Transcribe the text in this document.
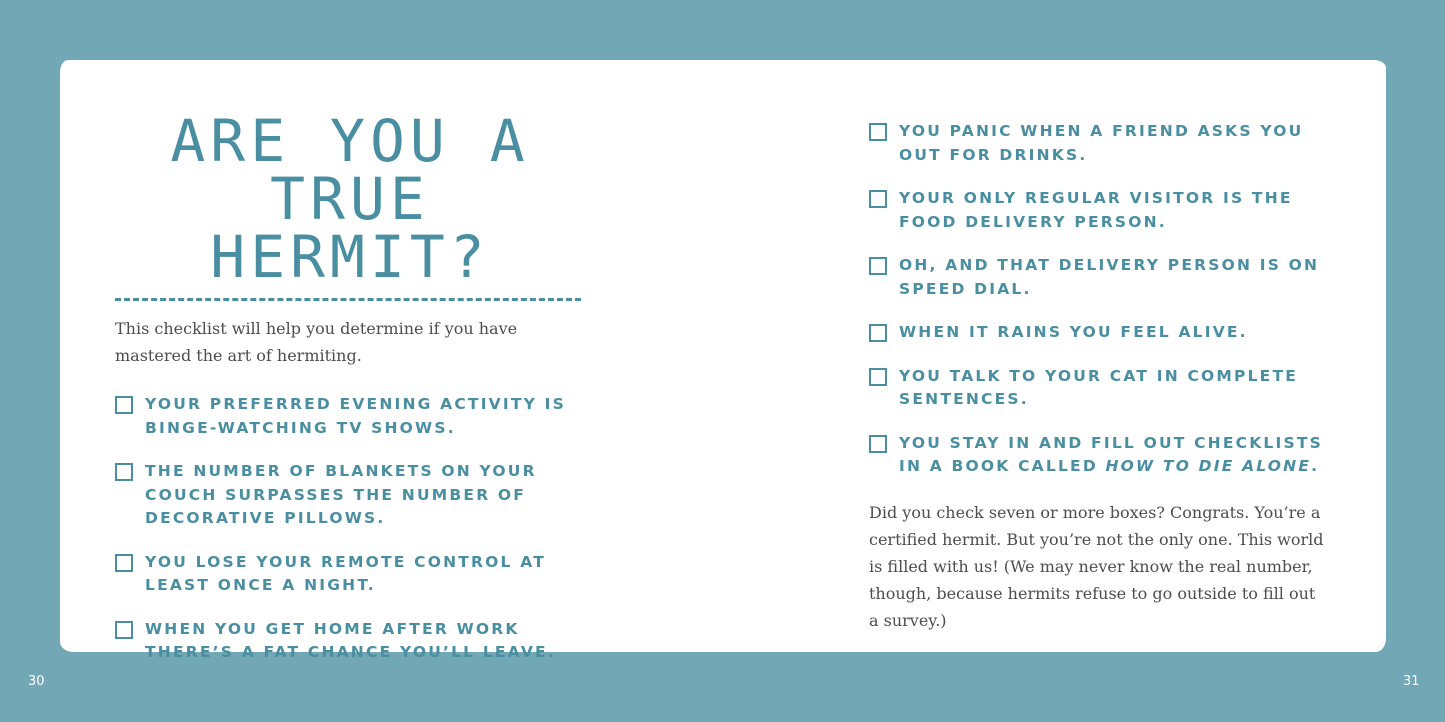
ARE YOU A
TRUE HERMIT?

This checklist will help you determine if you have mastered the art of hermiting.

YOUR PREFERRED EVENING ACTIVITY IS BINGE-WATCHING TV SHOWS.
THE NUMBER OF BLANKETS ON YOUR COUCH SURPASSES THE NUMBER OF DECORATIVE PILLOWS.
YOU LOSE YOUR REMOTE CONTROL AT LEAST ONCE A NIGHT.
WHEN YOU GET HOME AFTER WORK THERE’S A FAT CHANCE YOU’LL LEAVE.
YOU PANIC WHEN A FRIEND ASKS YOU OUT FOR DRINKS.
YOUR ONLY REGULAR VISITOR IS THE FOOD DELIVERY PERSON.
OH, AND THAT DELIVERY PERSON IS ON SPEED DIAL.
WHEN IT RAINS YOU FEEL ALIVE.
YOU TALK TO YOUR CAT IN COMPLETE SENTENCES.
YOU STAY IN AND FILL OUT CHECKLISTS IN A BOOK CALLED HOW TO DIE ALONE.

Did you check seven or more boxes? Congrats. You’re a certified hermit. But you’re not the only one. This world is filled with us! (We may never know the real number, though, because hermits refuse to go outside to fill out a survey.)

30	31
